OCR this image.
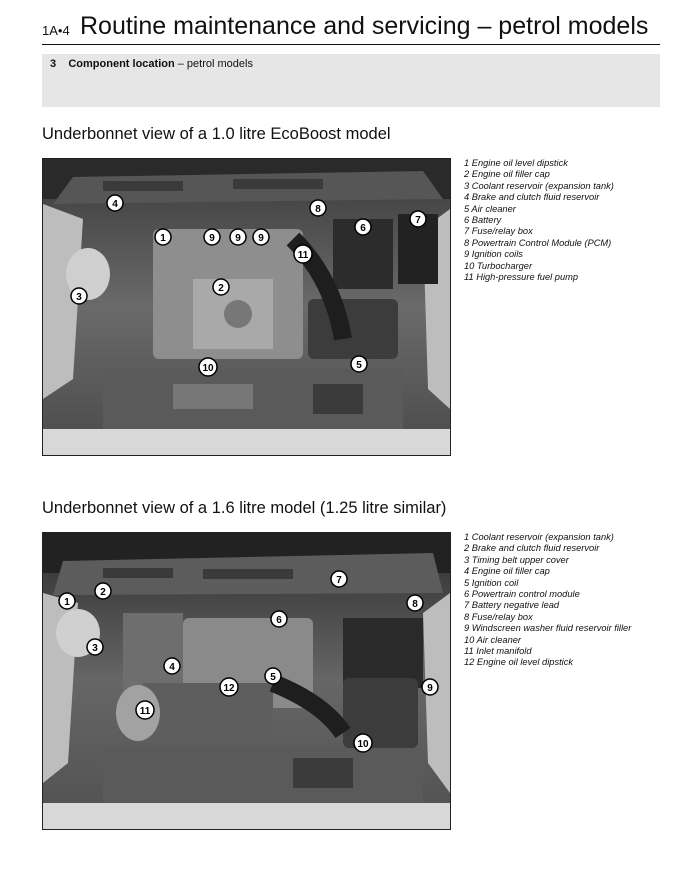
1A•4 Routine maintenance and servicing – petrol models
3 Component location – petrol models
Underbonnet view of a 1.0 litre EcoBoost model
4
1	9 9 9
8
6
7
11
2
3
10	5
1 Engine oil level dipstick
2 Engine oil filler cap
3 Coolant reservoir (expansion tank)
4 Brake and clutch fluid reservoir
5 Air cleaner
6 Battery
7 Fuse/relay box
8 Powertrain Control Module (PCM)
9 Ignition coils
10 Turbocharger
11 High-pressure fuel pump
Underbonnet view of a 1.6 litre model (1.25 litre similar)
1
2
3
4
6
7
8
5
9
12
11
10
1 Coolant reservoir (expansion tank)
2 Brake and clutch fluid reservoir
3 Timing belt upper cover
4 Engine oil filler cap
5 Ignition coil
6 Powertrain control module
7 Battery negative lead
8 Fuse/relay box
9 Windscreen washer fluid reservoir filler
10 Air cleaner
11 Inlet manifold
12 Engine oil level dipstick
